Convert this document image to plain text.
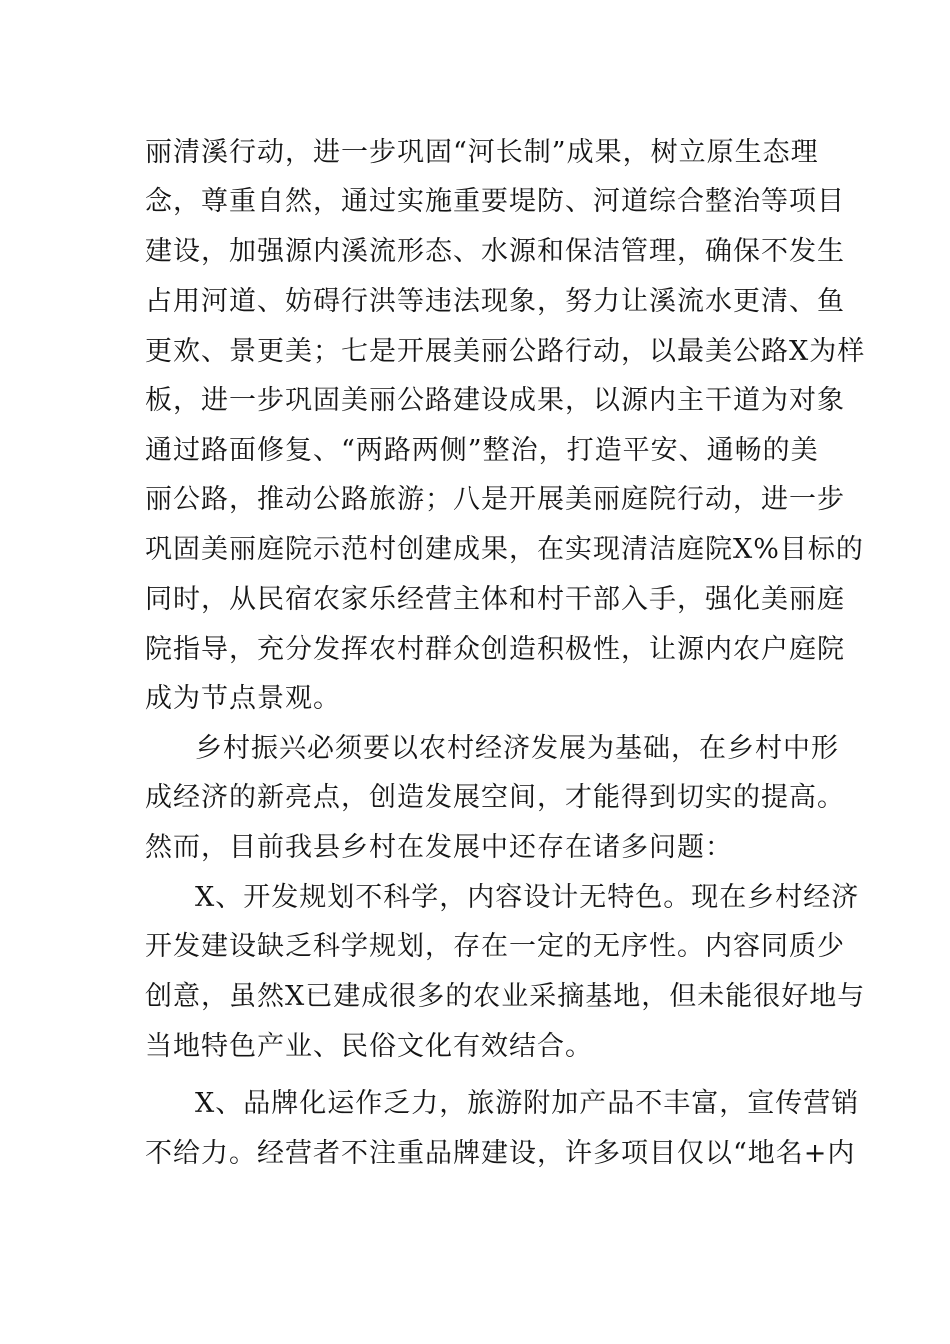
丽清溪行动，进一步巩固“河长制”成果，树立原生态理
念，尊重自然，通过实施重要堤防、河道综合整治等项目
建设，加强源内溪流形态、水源和保洁管理，确保不发生
占用河道、妨碍行洪等违法现象，努力让溪流水更清、鱼
更欢、景更美；七是开展美丽公路行动，以最美公路X为样
板，进一步巩固美丽公路建设成果，以源内主干道为对象
通过路面修复、“两路两侧”整治，打造平安、通畅的美
丽公路，推动公路旅游；八是开展美丽庭院行动，进一步
巩固美丽庭院示范村创建成果，在实现清洁庭院X%目标的
同时，从民宿农家乐经营主体和村干部入手，强化美丽庭
院指导，充分发挥农村群众创造积极性，让源内农户庭院
成为节点景观。
乡村振兴必须要以农村经济发展为基础，在乡村中形
成经济的新亮点，创造发展空间，才能得到切实的提高。
然而，目前我县乡村在发展中还存在诸多问题：
X、开发规划不科学，内容设计无特色。现在乡村经济
开发建设缺乏科学规划，存在一定的无序性。内容同质少
创意，虽然X已建成很多的农业采摘基地，但未能很好地与
当地特色产业、民俗文化有效结合。
X、品牌化运作乏力，旅游附加产品不丰富，宣传营销
不给力。经营者不注重品牌建设，许多项目仅以“地名+内
